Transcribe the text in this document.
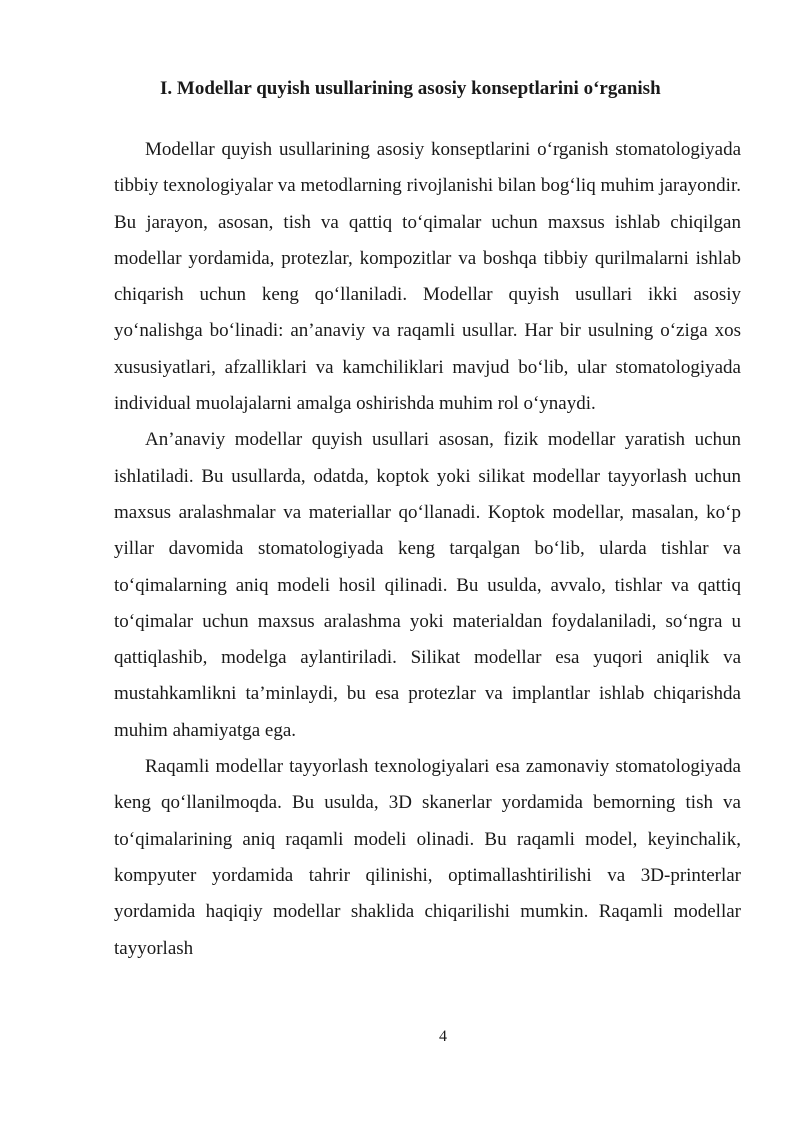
I. Modellar quyish usullarining asosiy konseptlarini o‘rganish

Modellar quyish usullarining asosiy konseptlarini o‘rganish stomatologiyada tibbiy texnologiyalar va metodlarning rivojlanishi bilan bog‘liq muhim jarayondir. Bu jarayon, asosan, tish va qattiq to‘qimalar uchun maxsus ishlab chiqilgan modellar yordamida, protezlar, kompozitlar va boshqa tibbiy qurilmalarni ishlab chiqarish uchun keng qo‘llaniladi. Modellar quyish usullari ikki asosiy yo‘nalishga bo‘linadi: an’anaviy va raqamli usullar. Har bir usulning o‘ziga xos xususiyatlari, afzalliklari va kamchiliklari mavjud bo‘lib, ular stomatologiyada individual muolajalarni amalga oshirishda muhim rol o‘ynaydi.

An’anaviy modellar quyish usullari asosan, fizik modellar yaratish uchun ishlatiladi. Bu usullarda, odatda, koptok yoki silikat modellar tayyorlash uchun maxsus aralashmalar va materiallar qo‘llanadi. Koptok modellar, masalan, ko‘p yillar davomida stomatologiyada keng tarqalgan bo‘lib, ularda tishlar va to‘qimalarning aniq modeli hosil qilinadi. Bu usulda, avvalo, tishlar va qattiq to‘qimalar uchun maxsus aralashma yoki materialdan foydalaniladi, so‘ngra u qattiqlashib, modelga aylantiriladi. Silikat modellar esa yuqori aniqlik va mustahkamlikni ta’minlaydi, bu esa protezlar va implantlar ishlab chiqarishda muhim ahamiyatga ega.

Raqamli modellar tayyorlash texnologiyalari esa zamonaviy stomatologiyada keng qo‘llanilmoqda. Bu usulda, 3D skanerlar yordamida bemorning tish va to‘qimalarining aniq raqamli modeli olinadi. Bu raqamli model, keyinchalik, kompyuter yordamida tahrir qilinishi, optimallashtirilishi va 3D-printerlar yordamida haqiqiy modellar shaklida chiqarilishi mumkin. Raqamli modellar tayyorlash

4
